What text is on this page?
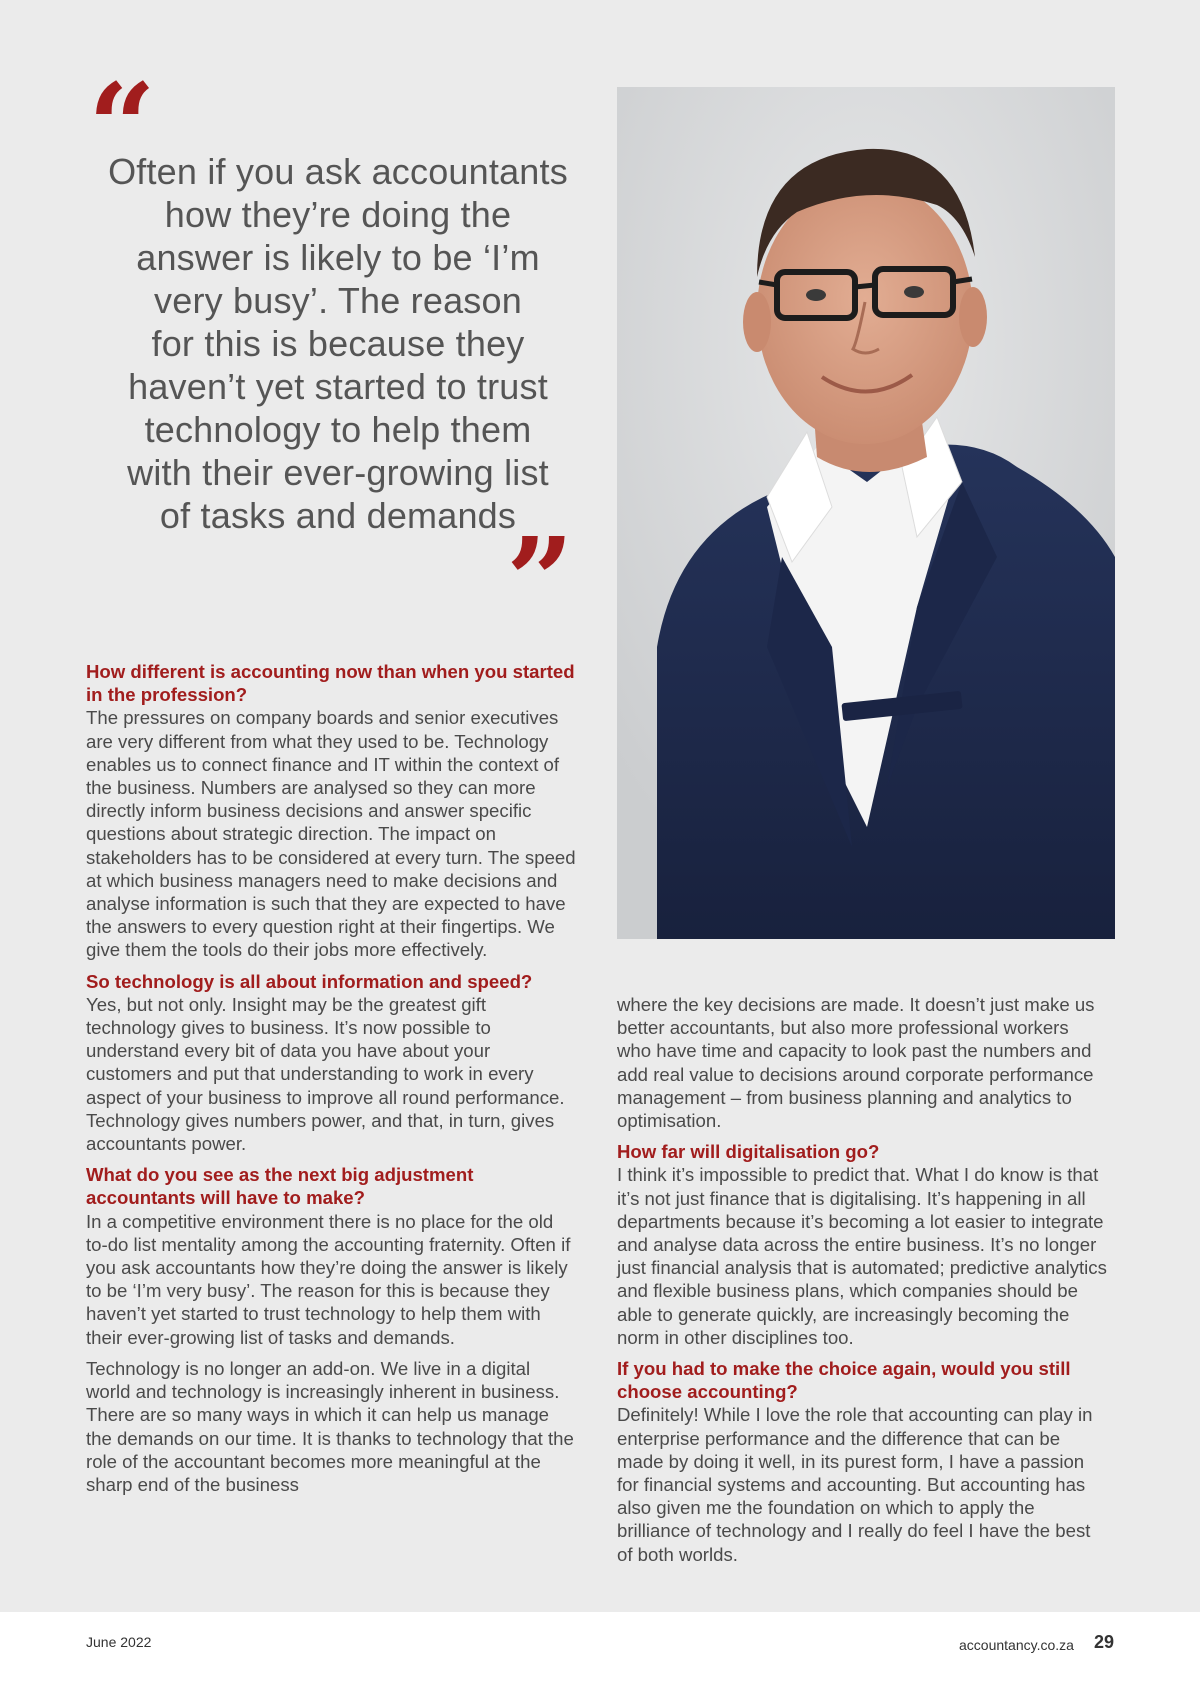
“
Often if you ask accountants
how they’re doing the
answer is likely to be ‘I’m
very busy’. The reason
for this is because they
haven’t yet started to trust
technology to help them
with their ever-growing list
of tasks and demands
”
How different is accounting now than when you started in the profession?

The pressures on company boards and senior executives are very different from what they used to be. Technology enables us to connect finance and IT within the context of the business. Numbers are analysed so they can more directly inform business decisions and answer specific questions about strategic direction. The impact on stakeholders has to be considered at every turn. The speed at which business managers need to make decisions and analyse information is such that they are expected to have the answers to every question right at their fingertips. We give them the tools do their jobs more effectively.

So technology is all about information and speed?

Yes, but not only. Insight may be the greatest gift technology gives to business. It’s now possible to understand every bit of data you have about your customers and put that understanding to work in every aspect of your business to improve all round performance. Technology gives numbers power, and that, in turn, gives accountants power.

What do you see as the next big adjustment accountants will have to make?

In a competitive environment there is no place for the old to-do list mentality among the accounting fraternity. Often if you ask accountants how they’re doing the answer is likely to be ‘I’m very busy’. The reason for this is because they haven’t yet started to trust technology to help them with their ever-growing list of tasks and demands.

Technology is no longer an add-on. We live in a digital world and technology is increasingly inherent in business. There are so many ways in which it can help us manage the demands on our time. It is thanks to technology that the role of the accountant becomes more meaningful at the sharp end of the business

where the key decisions are made. It doesn’t just make us better accountants, but also more professional workers who have time and capacity to look past the numbers and add real value to decisions around corporate performance management – from business planning and analytics to optimisation.

How far will digitalisation go?

I think it’s impossible to predict that. What I do know is that it’s not just finance that is digitalising. It’s happening in all departments because it’s becoming a lot easier to integrate and analyse data across the entire business. It’s no longer just financial analysis that is automated; predictive analytics and flexible business plans, which companies should be able to generate quickly, are increasingly becoming the norm in other disciplines too.

If you had to make the choice again, would you still choose accounting?

Definitely! While I love the role that accounting can play in enterprise performance and the difference that can be made by doing it well, in its purest form, I have a passion for financial systems and accounting. But accounting has also given me the foundation on which to apply the brilliance of technology and I really do feel I have the best of both worlds.

June 2022	accountancy.co.za 29
